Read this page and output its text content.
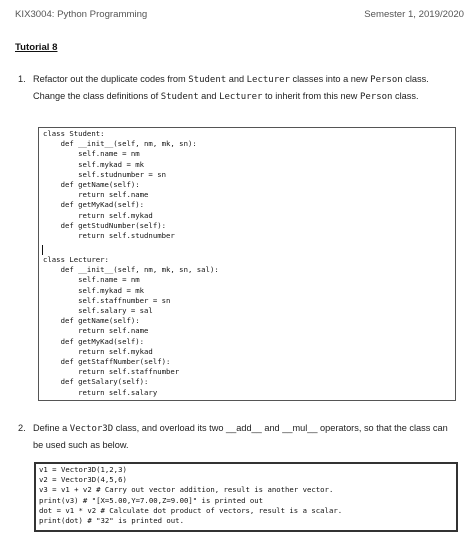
KIX3004: Python Programming	Semester 1, 2019/2020
Tutorial 8
1. Refactor out the duplicate codes from Student and Lecturer classes into a new Person class. Change the class definitions of Student and Lecturer to inherit from this new Person class.
class Student:
def __init__(self, nm, mk, sn):
self.name = nm
self.mykad = mk
self.studnumber = sn
def getName(self):
return self.name
def getMyKad(self):
return self.mykad
def getStudNumber(self):
return self.studnumber
class Lecturer:
def __init__(self, nm, mk, sn, sal):
self.name = nm
self.mykad = mk
self.staffnumber = sn
self.salary = sal
def getName(self):
return self.name
def getMyKad(self):
return self.mykad
def getStaffNumber(self):
return self.staffnumber
def getSalary(self):
return self.salary
2. Define a Vector3D class, and overload its two __add__ and __mul__ operators, so that the class can be used such as below.
v1 = Vector3D(1,2,3)
v2 = Vector3D(4,5,6)
v3 = v1 + v2 # Carry out vector addition, result is another vector.
print(v3) # "[X=5.00,Y=7.00,Z=9.00]" is printed out
dot = v1 * v2 # Calculate dot product of vectors, result is a scalar.
print(dot) # "32" is printed out.
